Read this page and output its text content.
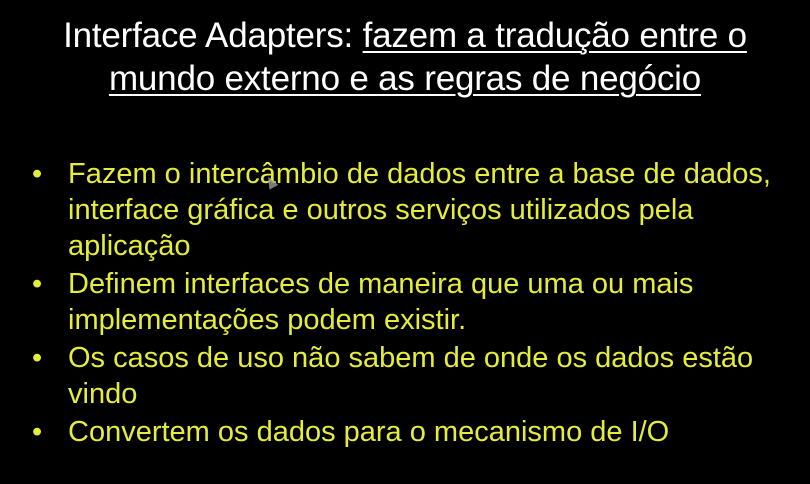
Interface Adapters: fazem a tradução entre o
mundo externo e as regras de negócio
• Fazem o intercâmbio de dados entre a base de dados, interface gráfica e outros serviços utilizados pela aplicação
• Definem interfaces de maneira que uma ou mais implementações podem existir.
• Os casos de uso não sabem de onde os dados estão vindo
• Convertem os dados para o mecanismo de I/O
